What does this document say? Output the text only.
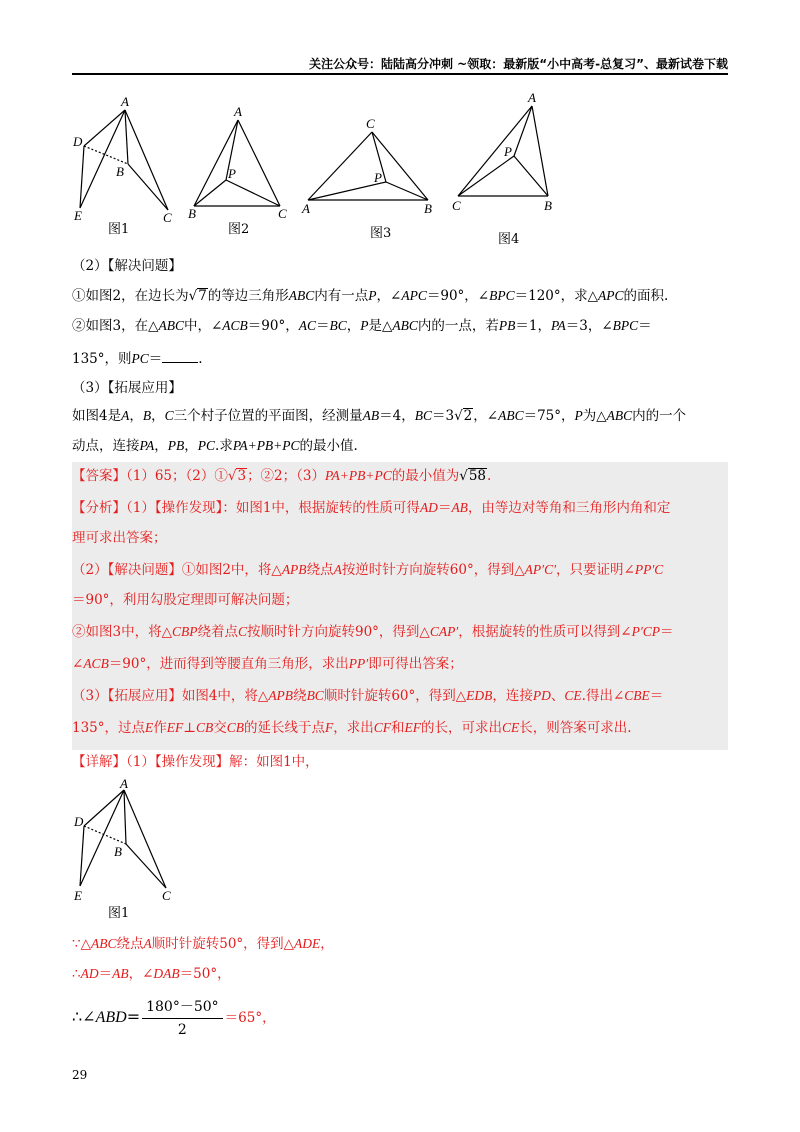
关注公众号：陆陆高分冲刺 ~领取：最新版“小中高考-总复习”、最新试卷下载
A
D
B
E	C
图1
A
P
B	C
图2
C
P
A	B
图3
A
P
C	B
图4
（2）【解决问题】
①如图2，在边长为√7的等边三角形ABC内有一点P，∠APC＝90°，∠BPC＝120°，求△APC的面积.
②如图3，在△ABC中，∠ACB＝90°，AC＝BC，P是△ABC内的一点，若PB＝1，PA＝3，∠BPC＝
135°，则PC＝	.
（3）【拓展应用】
如图4是A，B，C三个村子位置的平面图，经测量AB＝4，BC＝3√2，∠ABC＝75°，P为△ABC内的一个
动点，连接PA，PB，PC.求PA+PB+PC的最小值.
【答案】（1）65；（2）①√3；②2；（3）PA+PB+PC的最小值为√58.
【分析】（1）【操作发现】：如图1中，根据旋转的性质可得AD＝AB，由等边对等角和三角形内角和定
理可求出答案；
（2）【解决问题】①如图2中，将△APB绕点A按逆时针方向旋转60°，得到△AP′C′，只要证明∠PP′C
＝90°，利用勾股定理即可解决问题；
②如图3中，将△CBP绕着点C按顺时针方向旋转90°，得到△CAP′，根据旋转的性质可以得到∠P′CP＝
∠ACB＝90°，进而得到等腰直角三角形，求出PP′即可得出答案；
（3）【拓展应用】如图4中，将△APB绕BC顺时针旋转60°，得到△EDB，连接PD、CE.得出∠CBE＝
135°，过点E作EF⊥CB交CB的延长线于点F，求出CF和EF的长，可求出CE长，则答案可求出.
【详解】（1）【操作发现】解：如图1中，
A
D
B
E	C
图1
∵△ABC绕点A顺时针旋转50°，得到△ADE，
∴AD＝AB，∠DAB＝50°，
∴∠ABD= $\frac{180^\circ-50^\circ}{2} =65^\circ$，
29
